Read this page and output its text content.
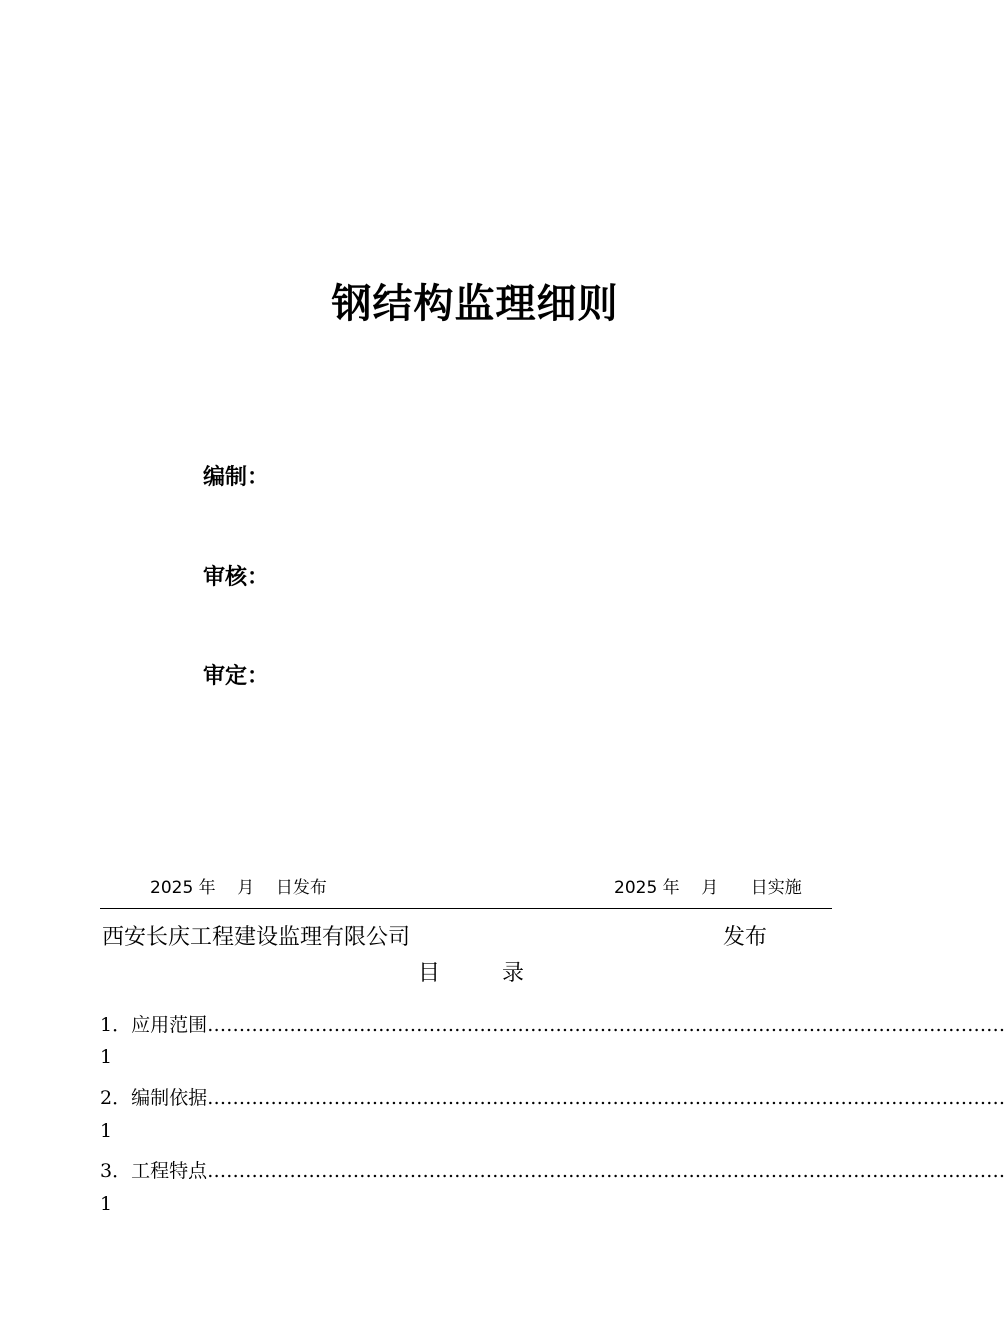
钢结构监理细则
编制：
审核：
审定：
2025 年    月    日发布	2025 年    月      日实施
西安长庆工程建设监理有限公司	发布
目	录
1．应用范围………………………………………………………………………………………………………………
1
2．编制依据………………………………………………………………………………………………………………
1
3．工程特点………………………………………………………………………………………………………………
1
